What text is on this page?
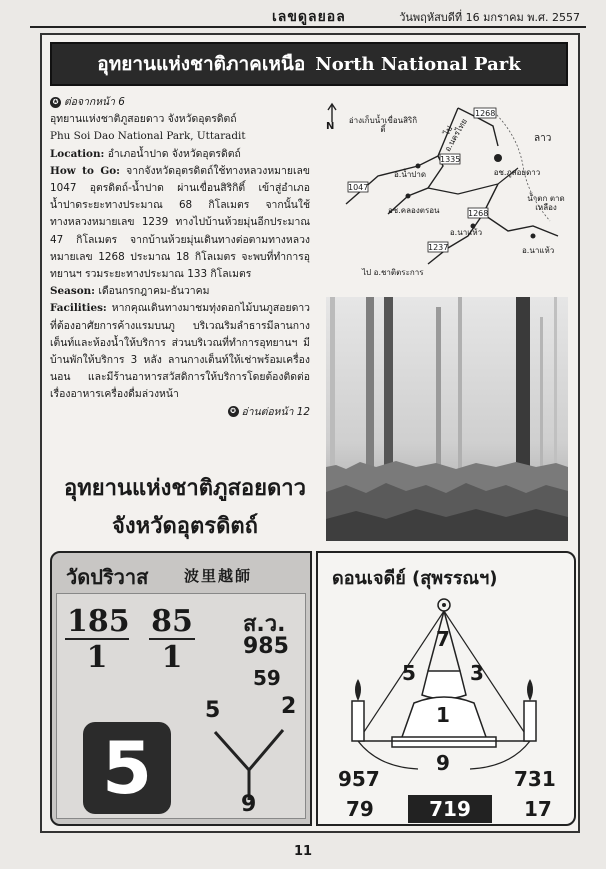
เลขดูลยอล	วันพฤหัสบดีที่ 16 มกราคม พ.ศ. 2557
อุทยานแห่งชาติภาคเหนือ North National Park

✪ ต่อจากหน้า 6

อุทยานแห่งชาติภูสอยดาว จังหวัดอุตรดิตถ์

Phu Soi Dao National Park, Uttaradit

Location: อำเภอน้ำปาด จังหวัดอุตรดิตถ์

How to Go: จากจังหวัดอุตรดิตถ์ใช้ทางหลวงหมายเลข 1047 อุตรดิตถ์-น้ำปาด ผ่านเขื่อนสิริกิติ์ เข้าสู่อำเภอน้ำปาดระยะทางประมาณ 68 กิโลเมตร จากนั้นใช้ทางหลวงหมายเลข 1239 ทางไปบ้านห้วยมุ่นอีกประมาณ 47 กิโลเมตร จากบ้านห้วยมุ่นเดินทางต่อตามทางหลวงหมายเลข 1268 ประมาณ 18 กิโลเมตร จะพบที่ทำการอุทยานฯ รวมระยะทางประมาณ 133 กิโลเมตร

Season: เดือนกรกฎาคม-ธันวาคม

Facilities: หากคุณเดินทางมาชมทุ่งดอกไม้บนภูสอยดาวที่ต้องอาศัยการค้างแรมบนภู บริเวณริมลำธารมีลานกางเต็นท์และห้องน้ำให้บริการ ส่วนบริเวณที่ทำการอุทยานฯ มีบ้านพักให้บริการ 3 หลัง ลานกางเต็นท์ให้เช่าพร้อมเครื่องนอน และมีร้านอาหารสวัสดิการให้บริการโดยต้องติดต่อเรื่องอาหารเครื่องดื่มล่วงหน้า

✪ อ่านต่อหน้า 12

อุทยานแห่งชาติภูสอยดาว
จังหวัดอุตรดิตถ์
N
อ่างเก็บน้ำเขื่อนสิริกิติ์	ไป อ.นครไทย	ลาว
อ.น้ำปาด	อช.ภูสอยดาว
อช.คลองตรอน
น้ำตก ตาดเหลือง
อ.นาแห้ว
อ.นาแห้ว
ไป อ.ชาติตระการ
1268
1335
1047
1268
1237
วัดปริวาส 波里越師
$\frac{185}{1} \frac{85}{1}$ ส.ว.
985
59
5
5	2
9
ดอนเจดีย์ (สุพรรณฯ)
7
5	3
1
9
957
79
731
17
719
11
